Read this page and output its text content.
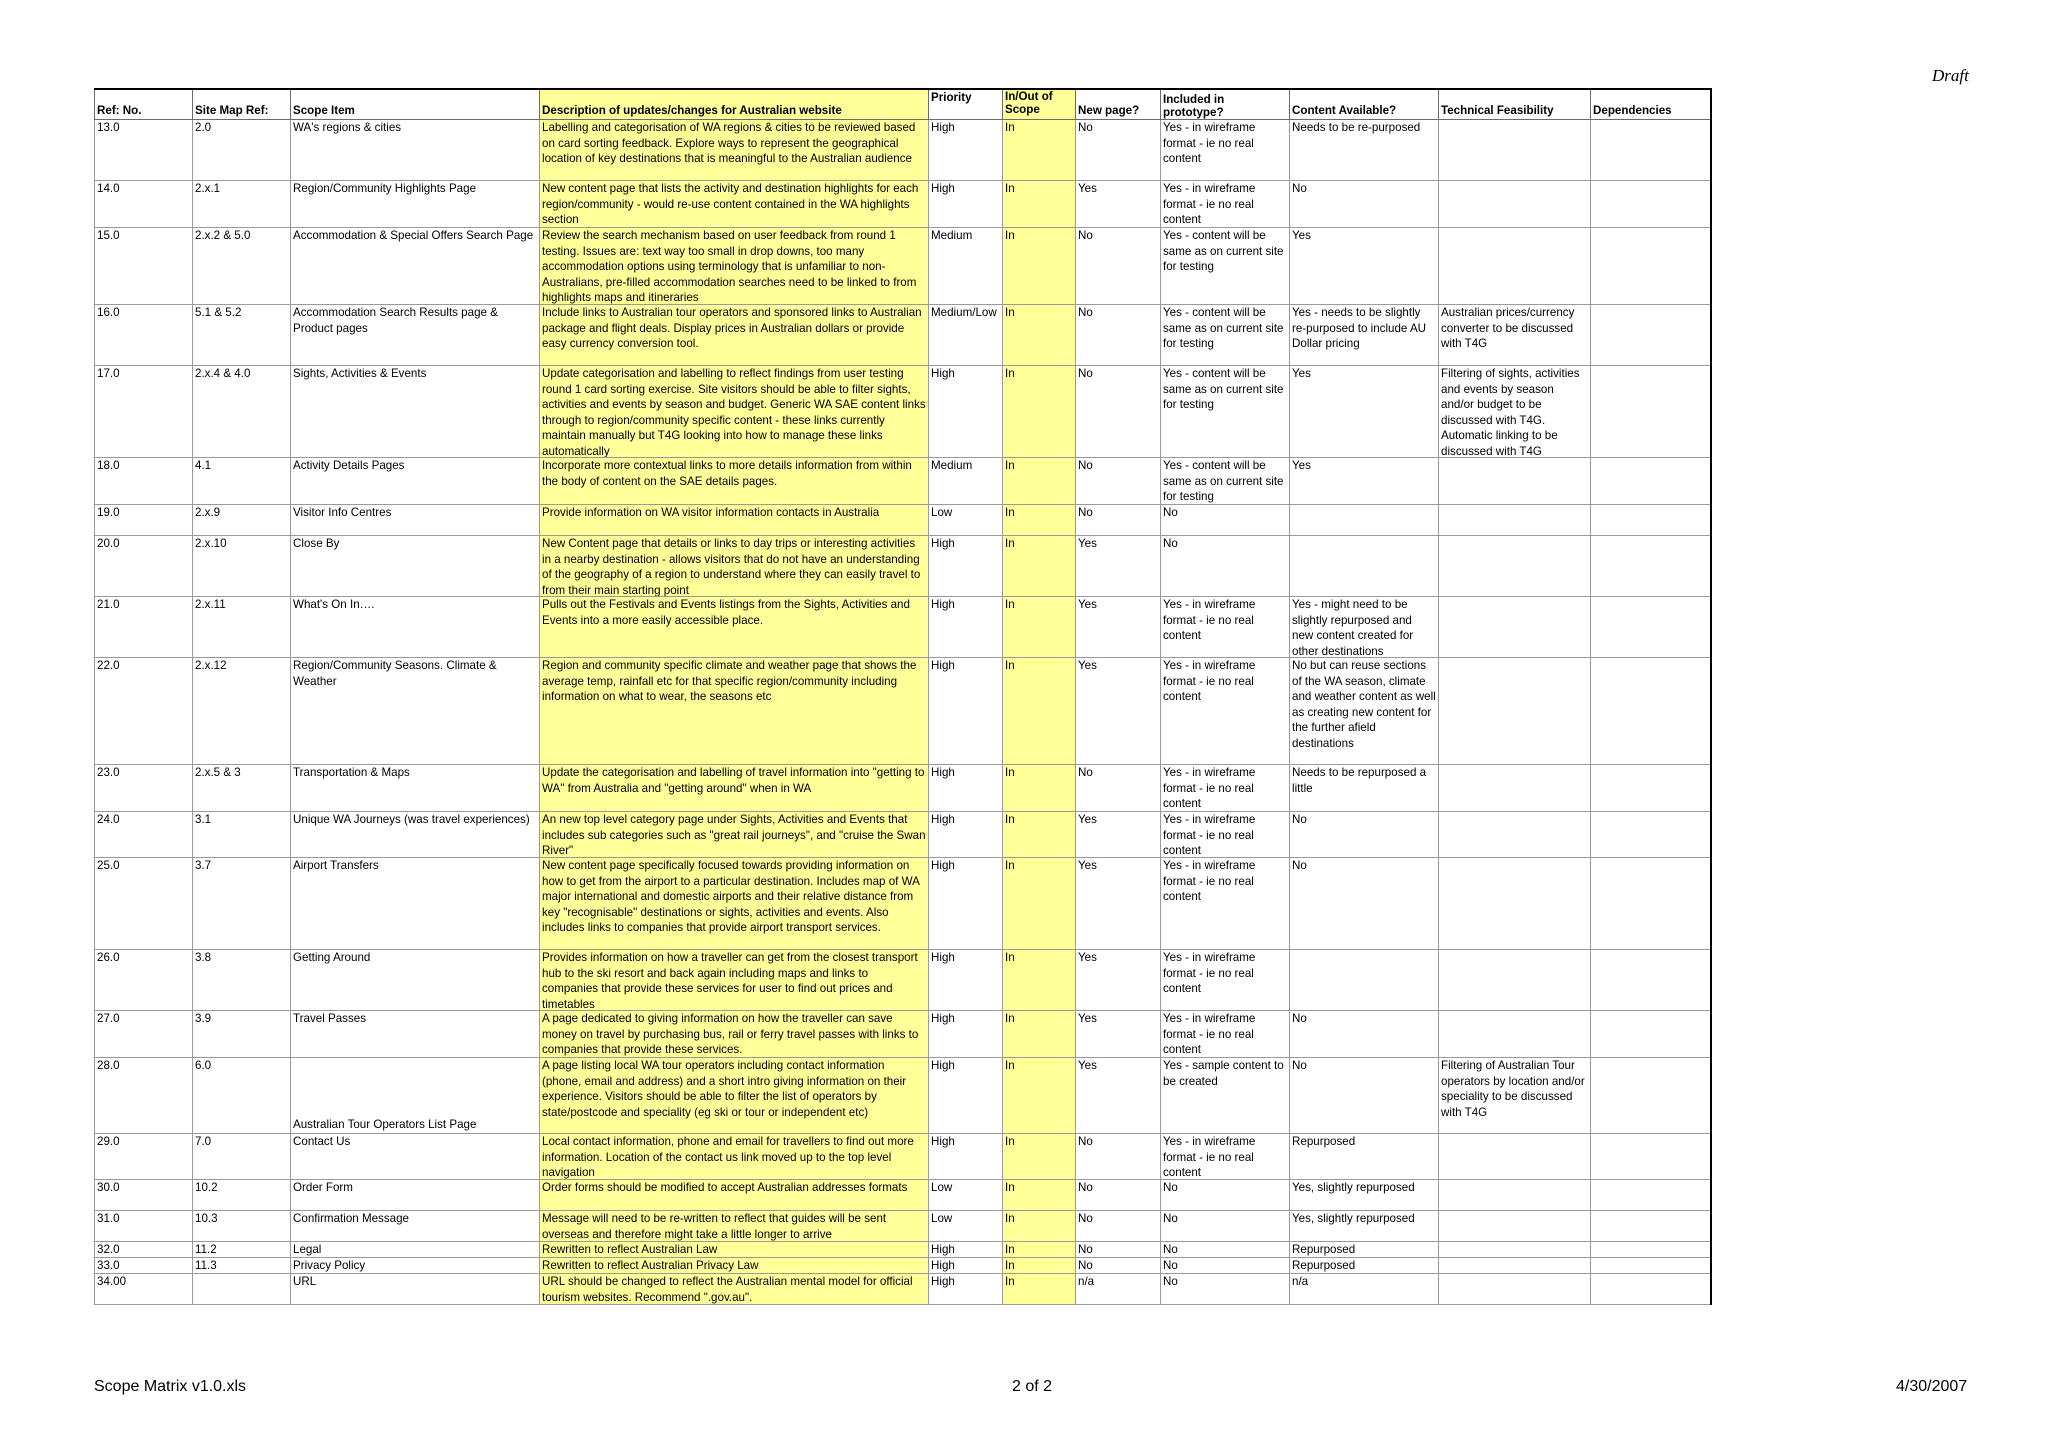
Draft
Ref: No.	Site Map Ref:	Scope Item	Description of updates/changes for Australian website	Priority	In/Out of Scope	New page?	Included in prototype?	Content Available?	Technical Feasibility	Dependencies

13.0	2.0	WA's regions & cities	Labelling and categorisation of WA regions & cities to be reviewed based on card sorting feedback. Explore ways to represent the geographical location of key destinations that is meaningful to the Australian audience	High	In	No	Yes - in wireframe format - ie no real content	Needs to be re-purposed		

14.0	2.x.1	Region/Community Highlights Page	New content page that lists the activity and destination highlights for each region/community - would re-use content contained in the WA highlights section	High	In	Yes	Yes - in wireframe format - ie no real content	No		

15.0	2.x.2 & 5.0	Accommodation & Special Offers Search Page	Review the search mechanism based on user feedback from round 1 testing. Issues are: text way too small in drop downs, too many accommodation options using terminology that is unfamiliar to non-Australians, pre-filled accommodation searches need to be linked to from highlights maps and itineraries	Medium	In	No	Yes - content will be same as on current site for testing	Yes		

16.0	5.1 & 5.2	Accommodation Search Results page & Product pages	Include links to Australian tour operators and sponsored links to Australian package and flight deals. Display prices in Australian dollars or provide easy currency conversion tool.	Medium/Low	In	No	Yes - content will be same as on current site for testing	Yes - needs to be slightly re-purposed to include AU Dollar pricing	Australian prices/currency converter to be discussed with T4G	

17.0	2.x.4 & 4.0	Sights, Activities & Events	Update categorisation and labelling to reflect findings from user testing round 1 card sorting exercise. Site visitors should be able to filter sights, activities and events by season and budget. Generic WA SAE content links through to region/community specific content - these links currently maintain manually but T4G looking into how to manage these links automatically	High	In	No	Yes - content will be same as on current site for testing	Yes	Filtering of sights, activities and events by season and/or budget to be discussed with T4G. Automatic linking to be discussed with T4G	

18.0	4.1	Activity Details Pages	Incorporate more contextual links to more details information from within the body of content on the SAE details pages.	Medium	In	No	Yes - content will be same as on current site for testing	Yes		

19.0	2.x.9	Visitor Info Centres	Provide information on WA visitor information contacts in Australia	Low	In	No	No			

20.0	2.x.10	Close By	New Content page that details or links to day trips or interesting activities in a nearby destination - allows visitors that do not have an understanding of the geography of a region to understand where they can easily travel to from their main starting point	High	In	Yes	No			

21.0	2.x.11	What's On In….	Pulls out the Festivals and Events listings from the Sights, Activities and Events into a more easily accessible place.	High	In	Yes	Yes - in wireframe format - ie no real content	Yes - might need to be slightly repurposed and new content created for other destinations		

22.0	2.x.12	Region/Community Seasons. Climate & Weather	Region and community specific climate and weather page that shows the average temp, rainfall etc for that specific region/community including information on what to wear, the seasons etc	High	In	Yes	Yes - in wireframe format - ie no real content	No but can reuse sections of the WA season, climate and weather content as well as creating new content for the further afield destinations		

23.0	2.x.5 & 3	Transportation & Maps	Update the categorisation and labelling of travel information into "getting to WA" from Australia and "getting around" when in WA	High	In	No	Yes - in wireframe format - ie no real content	Needs to be repurposed a little		

24.0	3.1	Unique WA Journeys (was travel experiences)	An new top level category page under Sights, Activities and Events that includes sub categories such as "great rail journeys", and "cruise the Swan River"	High	In	Yes	Yes - in wireframe format - ie no real content	No		

25.0	3.7	Airport Transfers	New content page specifically focused towards providing information on how to get from the airport to a particular destination. Includes map of WA major international and domestic airports and their relative distance from key "recognisable" destinations or sights, activities and events. Also includes links to companies that provide airport transport services.	High	In	Yes	Yes - in wireframe format - ie no real content	No		

26.0	3.8	Getting Around	Provides information on how a traveller can get from the closest transport hub to the ski resort and back again including maps and links to companies that provide these services for user to find out prices and timetables	High	In	Yes	Yes - in wireframe format - ie no real content			

27.0	3.9	Travel Passes	A page dedicated to giving information on how the traveller can save money on travel by purchasing bus, rail or ferry travel passes with links to companies that provide these services.	High	In	Yes	Yes - in wireframe format - ie no real content	No		

28.0	6.0	Australian Tour Operators List Page	A page listing local WA tour operators including contact information (phone, email and address) and a short intro giving information on their experience. Visitors should be able to filter the list of operators by state/postcode and speciality (eg ski or tour or independent etc)	High	In	Yes	Yes - sample content to be created	No	Filtering of Australian Tour operators by location and/or speciality to be discussed with T4G	

29.0	7.0	Contact Us	Local contact information, phone and email for travellers to find out more information. Location of the contact us link moved up to the top level navigation	High	In	No	Yes - in wireframe format - ie no real content	Repurposed		

30.0	10.2	Order Form	Order forms should be modified to accept Australian addresses formats	Low	In	No	No	Yes, slightly repurposed		

31.0	10.3	Confirmation Message	Message will need to be re-written to reflect that guides will be sent overseas and therefore might take a little longer to arrive	Low	In	No	No	Yes, slightly repurposed		

32.0	11.2	Legal	Rewritten to reflect Australian Law	High	In	No	No	Repurposed		

33.0	11.3	Privacy Policy	Rewritten to reflect Australian Privacy Law	High	In	No	No	Repurposed		

34.00		URL	URL should be changed to reflect the Australian mental model for official tourism websites. Recommend ".gov.au".	High	In	n/a	No	n/a		

Scope Matrix v1.0.xls	2 of 2	4/30/2007
